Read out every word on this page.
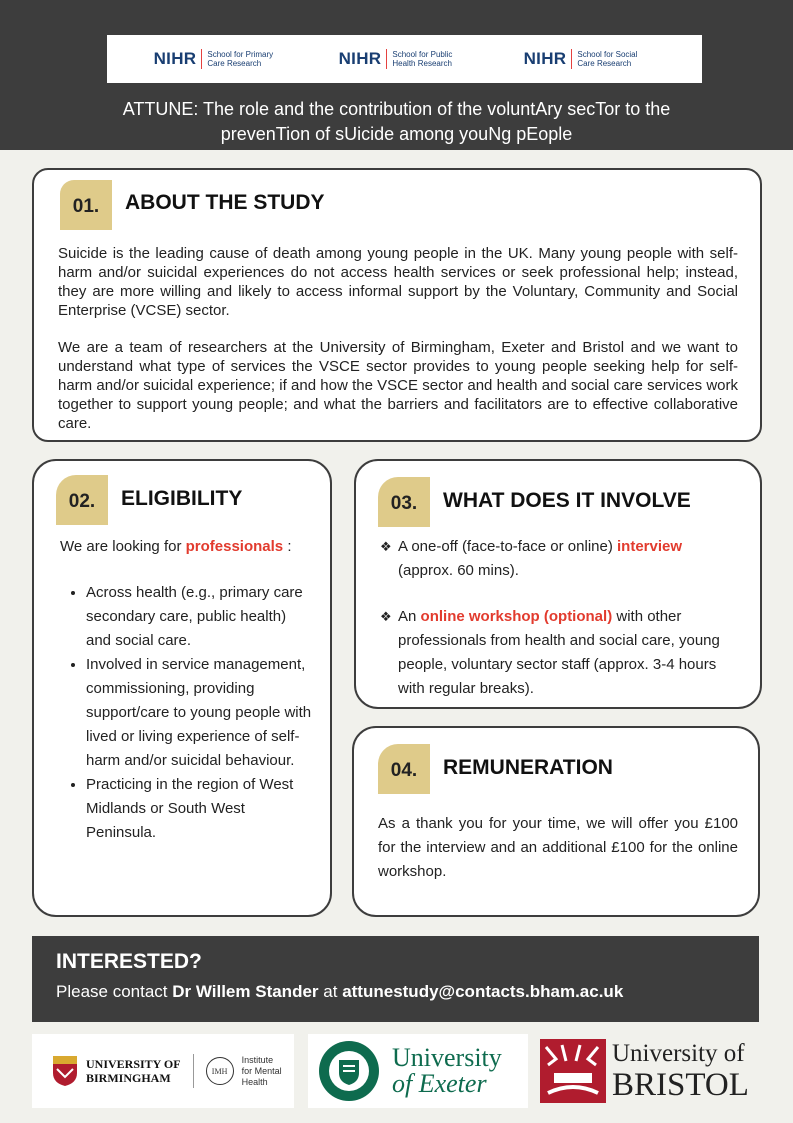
NIHR School for Primary Care Research	NIHR School for Public Health Research	NIHR School for Social Care Research
ATTUNE: The role and the contribution of the voluntAry secTor to the
prevenTion of sUicide among youNg pEople
01.	ABOUT THE STUDY
Suicide is the leading cause of death among young people in the UK. Many young people with self-harm and/or suicidal experiences do not access health services or seek professional help; instead, they are more willing and likely to access informal support by the Voluntary, Community and Social Enterprise (VCSE) sector.
We are a team of researchers at the University of Birmingham, Exeter and Bristol and we want to understand what type of services the VSCE sector provides to young people seeking help for self-harm and/or suicidal experience; if and how the VSCE sector and health and social care services work together to support young people; and what the barriers and facilitators are to effective collaborative care.
02.	ELIGIBILITY
We are looking for professionals :
• Across health (e.g., primary care secondary care, public health) and social care.
• Involved in service management, commissioning, providing support/care to young people with lived or living experience of self-harm and/or suicidal behaviour.
• Practicing in the region of West Midlands or South West Peninsula.
03.	WHAT DOES IT INVOLVE
❖ A one-off (face-to-face or online) interview (approx. 60 mins).
❖ An online workshop (optional) with other professionals from health and social care, young people, voluntary sector staff (approx. 3-4 hours with regular breaks).
04.	REMUNERATION
As a thank you for your time, we will offer you £100 for the interview and an additional £100 for the online workshop.
INTERESTED?
Please contact Dr Willem Stander at attunestudy@contacts.bham.ac.uk
UNIVERSITY OF
BIRMINGHAM	IMH
Institute
for Mental
Health
University
of Exeter
University of
BRISTOL
